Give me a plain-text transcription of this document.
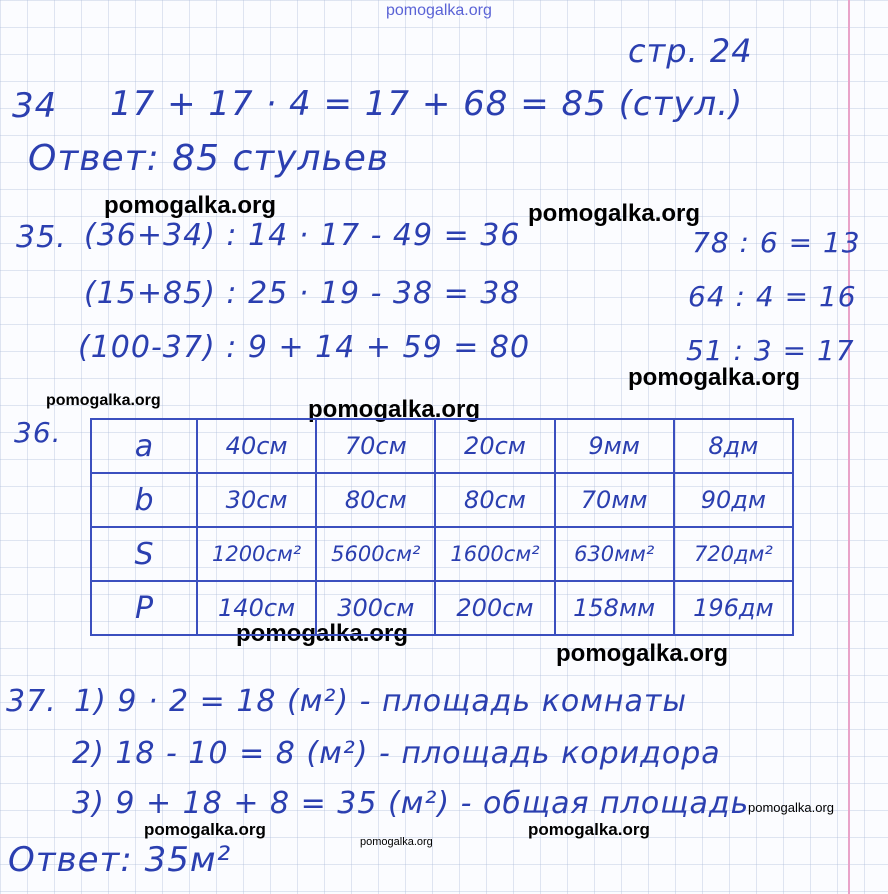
pomogalka.org
pomogalka.org	pomogalka.org
pomogalka.org
pomogalka.org	pomogalka.org
pomogalka.org
pomogalka.org
pomogalka.org
pomogalka.org	pomogalka.org
pomogalka.org
стр. 24
34 17 + 17 · 4 = 17 + 68 = 85 (стул.)
Ответ: 85 стульев
35. (36+34) : 14 · 17 - 49 = 36
(15+85) : 25 · 19 - 38 = 38
(100-37) : 9 + 14 + 59 = 80
78 : 6 = 13
64 : 4 = 16
51 : 3 = 17
36. a	40см	70см	20см	9мм	8дм
b	30см	80см	80см	70мм	90дм
S	1200см²	5600см²	1600см²	630мм²	720дм²
P	140см	300см	200см	158мм	196дм
37. 1) 9 · 2 = 18 (м²) - площадь комнаты
2) 18 - 10 = 8 (м²) - площадь коридора
3) 9 + 18 + 8 = 35 (м²) - общая площадь
Ответ: 35м²
